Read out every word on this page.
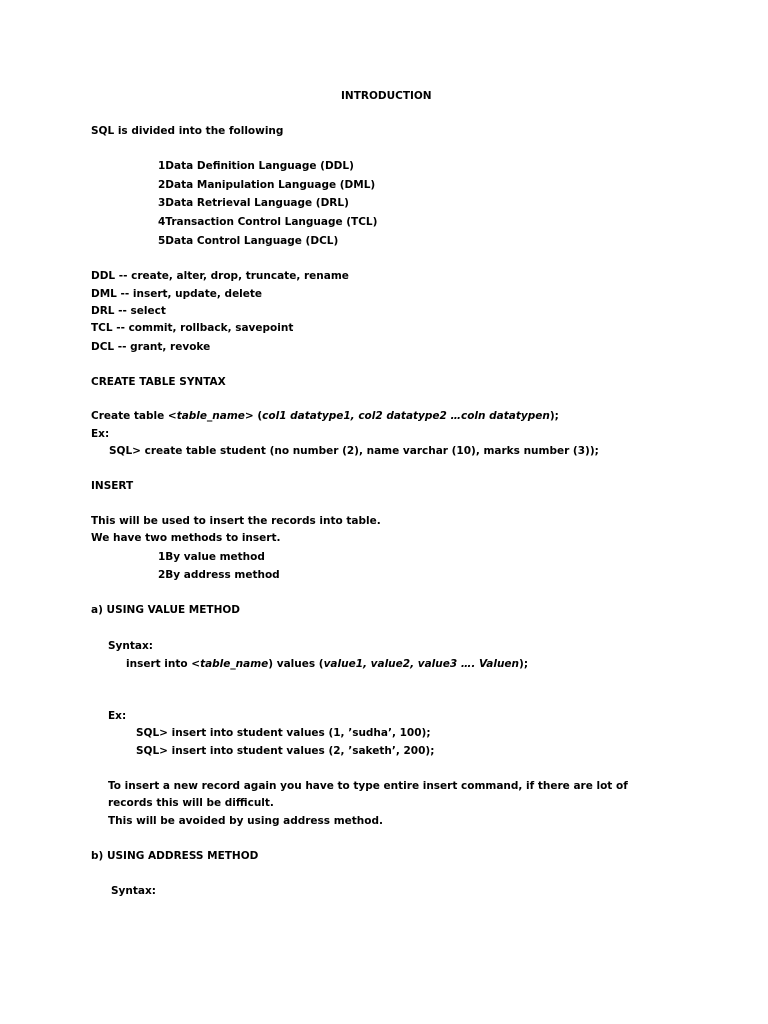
INTRODUCTION
SQL is divided into the following
1Data Definition Language (DDL)
2Data Manipulation Language (DML)
3Data Retrieval Language (DRL)
4Transaction Control Language (TCL)
5Data Control Language (DCL)
DDL -- create, alter, drop, truncate, rename
DML -- insert, update, delete
DRL -- select
TCL -- commit, rollback, savepoint
DCL -- grant, revoke
CREATE TABLE SYNTAX
Create table <table_name> (col1 datatype1, col2 datatype2 …coln datatypen);
Ex:
SQL> create table student (no number (2), name varchar (10), marks number (3));
INSERT
This will be used to insert the records into table.
We have two methods to insert.
1By value method
2By address method
a) USING VALUE METHOD
Syntax:
insert into <table_name) values (value1, value2, value3 …. Valuen);
Ex:
SQL> insert into student values (1, ’sudha’, 100);
SQL> insert into student values (2, ’saketh’, 200);
To insert a new record again you have to type entire insert command, if there are lot of
records this will be difficult.
This will be avoided by using address method.
b) USING ADDRESS METHOD
Syntax:
